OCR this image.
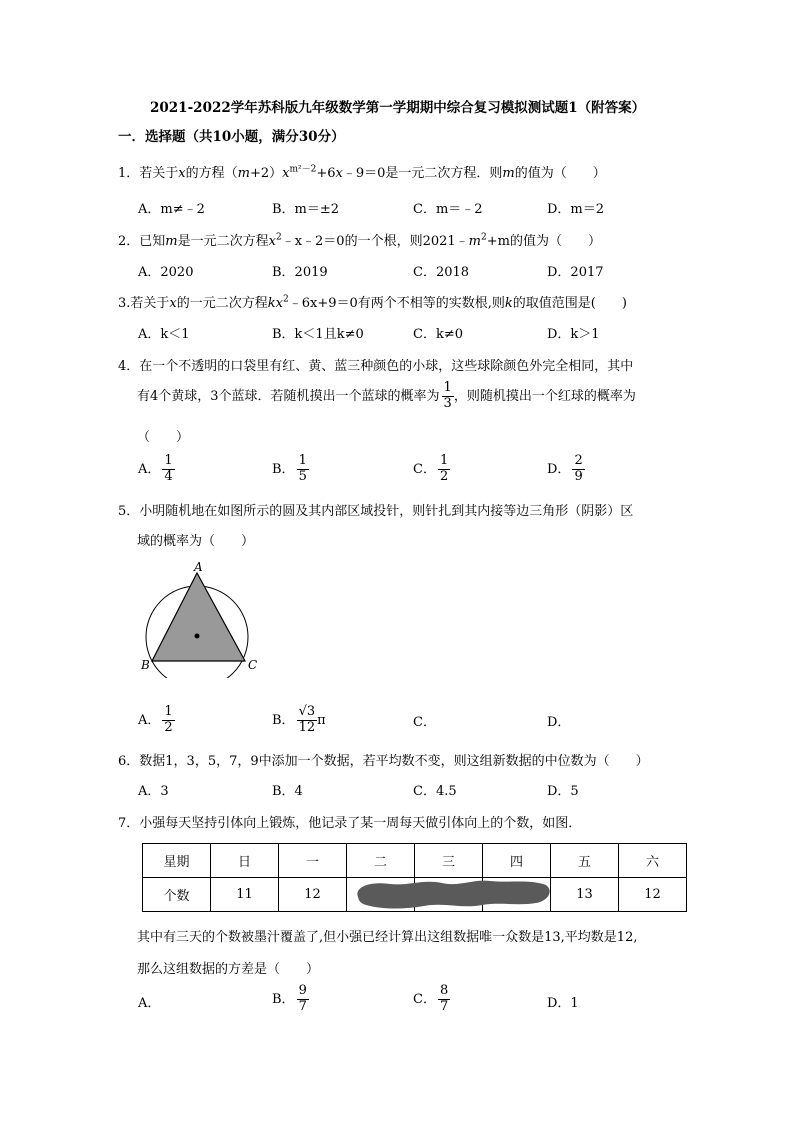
2021-2022学年苏科版九年级数学第一学期期中综合复习模拟测试题1（附答案）
一．选择题（共10小题，满分30分）
1．若关于x的方程$(m+2)x^{m^2-2}+6x﹣9=0$是一元二次方程．则m的值为（　　）
A．m≠﹣2	B．m＝±2	C．m＝﹣2	D．m＝2
2．已知m是一元二次方程$x^2﹣x﹣2=0$的一个根，则$2021﹣m^2+m$的值为（　　）
A．2020	B．2019	C．2018	D．2017
3.若关于x的一元二次方程$kx^2﹣6x+9=0$有两个不相等的实数根,则k的取值范围是(　　)
A．k＜1	B．k＜1且k≠0	C．k≠0	D．k＞1
4．在一个不透明的口袋里有红、黄、蓝三种颜色的小球，这些球除颜色外完全相同，其中
有4个黄球，3个蓝球．若随机摸出一个蓝球的概率为 $\frac{1}{3}$ ，则随机摸出一个红球的概率为
（　　）
A． $\frac{1}{4}$	B． $\frac{1}{5}$	C． $\frac{1}{2}$	D． $\frac{2}{9}$
5．小明随机地在如图所示的圆及其内部区域投针，则针扎到其内接等边三角形（阴影）区
域的概率为（　　）
A
B	C
A． $\frac{1}{2}$	B． $\frac{√3}{12}$ π	C．	D．
6．数据1，3，5，7，9中添加一个数据，若平均数不变，则这组新数据的中位数为（　　）
A．3	B．4	C．4.5	D．5
7．小强每天坚持引体向上锻炼，他记录了某一周每天做引体向上的个数，如图．
星期	日	一	二	三	四	五	六
个数	11	12				13	12
其中有三天的个数被墨汁覆盖了,但小强已经计算出这组数据唯一众数是13,平均数是12,
那么这组数据的方差是（　　）
A．	B． $\frac{9}{7}$	C． $\frac{8}{7}$	D．1
